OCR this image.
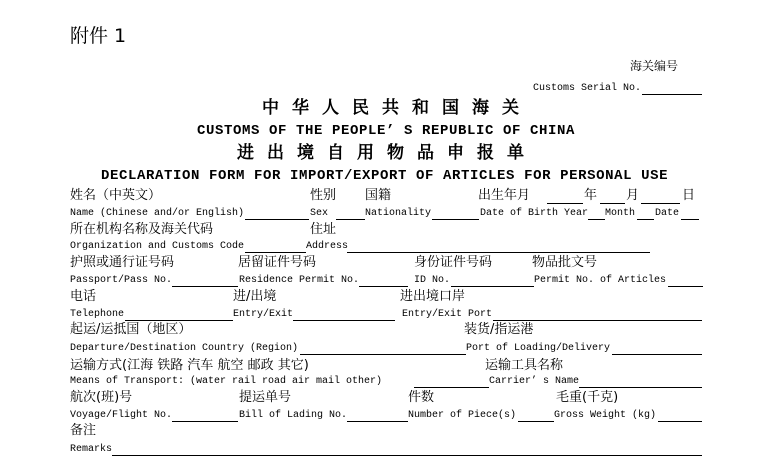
附件 1
海关编号
Customs Serial No.
中华人民共和国海关
CUSTOMS OF THE PEOPLE’ S REPUBLIC OF CHINA
进出境自用物品申报单
DECLARATION FORM FOR IMPORT/EXPORT OF ARTICLES FOR PERSONAL USE
姓名（中英文）	性别 国籍	出生年月	年 月	日
Name (Chinese and/or English)	Sex	Nationality	Date of Birth Year Month Date
所在机构名称及海关代码	住址
Organization and Customs Code	Address
护照或通行证号码	居留证件号码	身份证件号码	物品批文号
Passport/Pass No.	Residence Permit No.	ID No.	Permit No. of Articles
电话	进/出境	进出境口岸
Telephone	Entry/Exit	Entry/Exit Port
起运/运抵国（地区）	装货/指运港
Departure/Destination Country (Region)	Port of Loading/Delivery
运输方式(江海 铁路 汽车 航空 邮政 其它)	运输工具名称
Means of Transport: (water rail road air mail other)	Carrier’ s Name
航次(班)号	提运单号	件数	毛重(千克)
Voyage/Flight No.	Bill of Lading No.	Number of Piece(s)	Gross Weight (kg)
备注
Remarks
